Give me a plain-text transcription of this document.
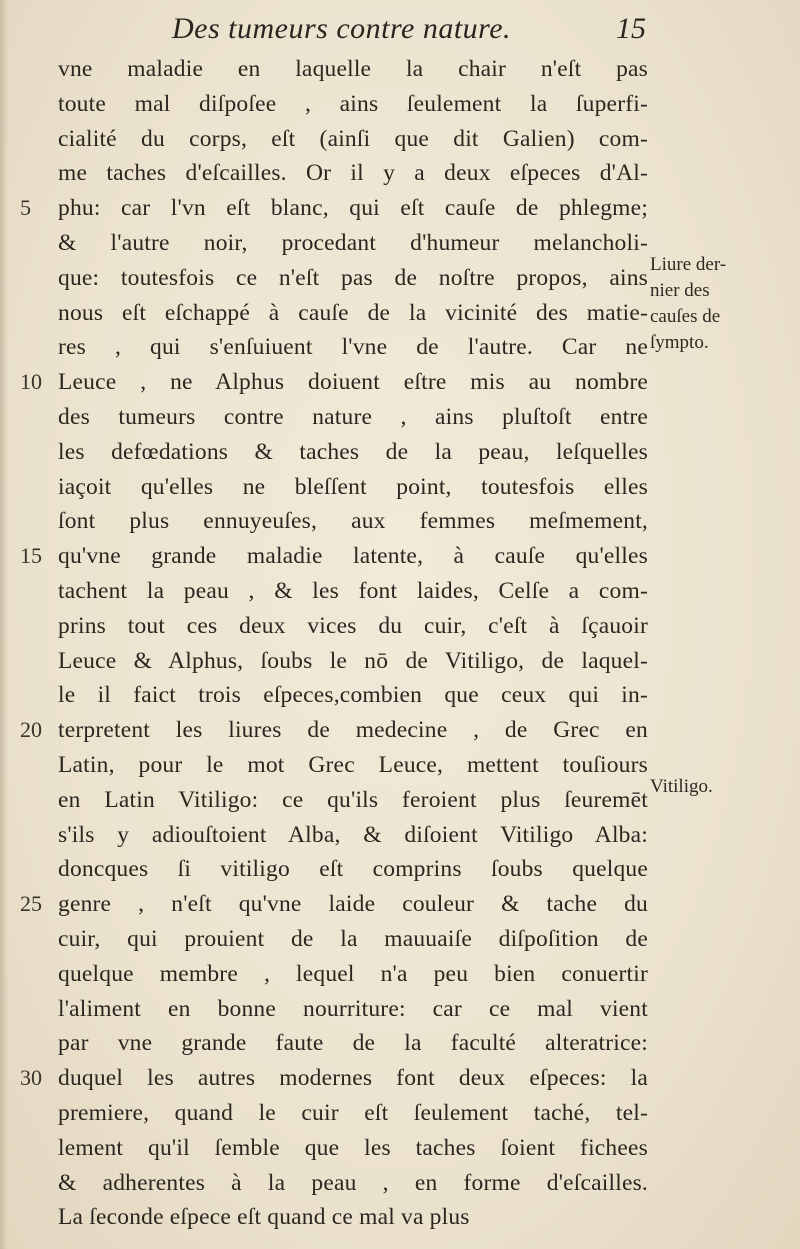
Des tumeurs contre nature.	15
5
10
15
20
25
30
vne maladie en laquelle la chair n'eſt pas
toute mal diſpoſee , ains ſeulement la ſuperfi-
cialité du corps, eſt (ainſi que dit Galien) com-
me taches d'eſcailles. Or il y a deux eſpeces d'Al-
phu: car l'vn eſt blanc, qui eſt cauſe de phlegme;
& l'autre noir, procedant d'humeur melancholi-
que: toutesfois ce n'eſt pas de noſtre propos, ains
nous eſt eſchappé à cauſe de la vicinité des matie-
res , qui s'enſuiuent l'vne de l'autre. Car ne
Leuce , ne Alphus doiuent eſtre mis au nombre
des tumeurs contre nature , ains pluſtoſt entre
les defœdations & taches de la peau, leſquelles
iaçoit qu'elles ne bleſſent point, toutesfois elles
ſont plus ennuyeuſes, aux femmes meſmement,
qu'vne grande maladie latente, à cauſe qu'elles
tachent la peau , & les font laides, Celſe a com-
prins tout ces deux vices du cuir, c'eſt à ſçauoir
Leuce & Alphus, ſoubs le nō de Vitiligo, de laquel-
le il faict trois eſpeces,combien que ceux qui in-
terpretent les liures de medecine , de Grec en
Latin, pour le mot Grec Leuce, mettent touſiours
en Latin Vitiligo: ce qu'ils feroient plus ſeuremēt
s'ils y adiouſtoient Alba, & diſoient Vitiligo Alba:
doncques ſi vitiligo eſt comprins ſoubs quelque
genre , n'eſt qu'vne laide couleur & tache du
cuir, qui prouient de la mauuaiſe diſpoſition de
quelque membre , lequel n'a peu bien conuertir
l'aliment en bonne nourriture: car ce mal vient
par vne grande faute de la faculté alteratrice:
duquel les autres modernes font deux eſpeces: la
premiere, quand le cuir eſt ſeulement taché, tel-
lement qu'il ſemble que les taches ſoient fichees
& adherentes à la peau , en forme d'eſcailles.
La ſeconde eſpece eſt quand ce mal va plus
Liure der-
nier des
cauſes de
ſympto.
Vitiligo.
